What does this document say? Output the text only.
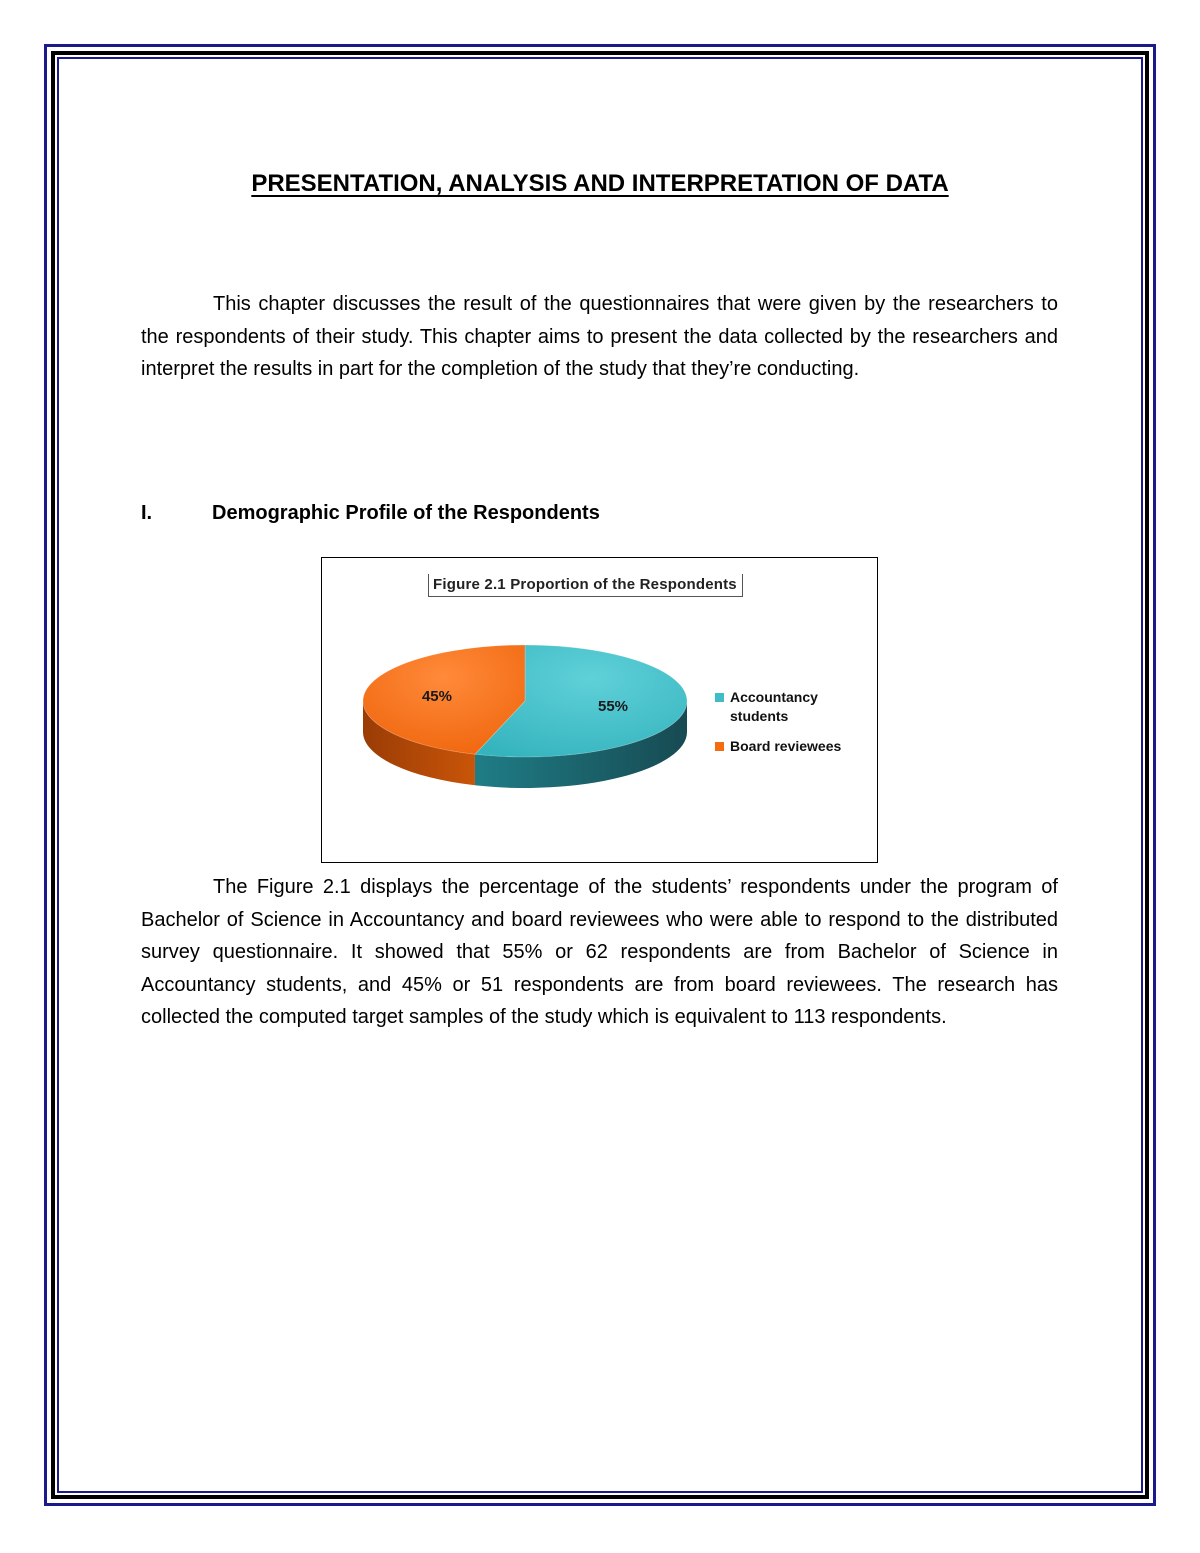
PRESENTATION, ANALYSIS AND INTERPRETATION OF DATA

This chapter discusses the result of the questionnaires that were given by the researchers to the respondents of their study. This chapter aims to present the data collected by the researchers and interpret the results in part for the completion of the study that they’re conducting.

I.	Demographic Profile of the Respondents
Figure 2.1 Proportion of the Respondents
55%
45%	Accountancy students
Board reviewees

The Figure 2.1 displays the percentage of the students’ respondents under the program of Bachelor of Science in Accountancy and board reviewees who were able to respond to the distributed survey questionnaire. It showed that 55% or 62 respondents are from Bachelor of Science in Accountancy students, and 45% or 51 respondents are from board reviewees. The research has collected the computed target samples of the study which is equivalent to 113 respondents.
